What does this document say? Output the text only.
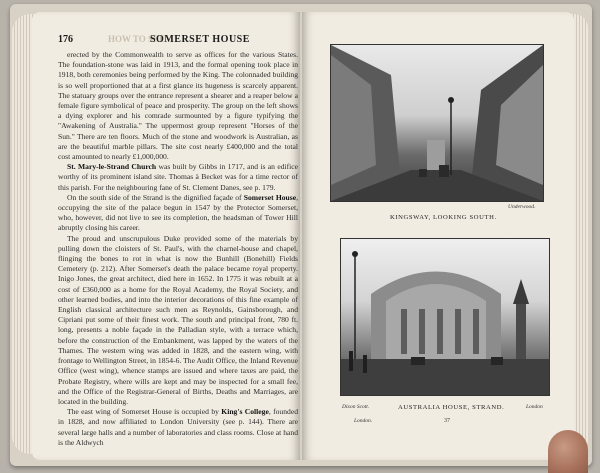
176	HOW TO SEE
SOMERSET HOUSE

erected by the Commonwealth to serve as offices for the various States. The foundation-stone was laid in 1913, and the formal opening took place in 1918, both ceremonies being performed by the King. The colonnaded building is so well proportioned that at a first glance its hugeness is scarcely apparent. The statuary groups over the entrance represent a shearer and a reaper below a female figure symbolical of peace and prosperity. The group on the left shows a dying explorer and his comrade surmounted by a figure typifying the "Awakening of Australia." The uppermost group represent "Horses of the Sun." There are ten floors. Much of the stone and woodwork is Australian, as are the beautiful marble pillars. The site cost nearly £400,000 and the total cost amounted to nearly £1,000,000.

St. Mary-le-Strand Church was built by Gibbs in 1717, and is an edifice worthy of its prominent island site. Thomas à Becket was for a time rector of this parish. For the neighbouring fane of St. Clement Danes, see p. 179.

On the south side of the Strand is the dignified façade of Somerset House, occupying the site of the palace begun in 1547 by the Protector Somerset, who, however, did not live to see its completion, the headsman of Tower Hill abruptly closing his career.

The proud and unscrupulous Duke provided some of the materials by pulling down the cloisters of St. Paul's, with the charnel-house and chapel, flinging the bones to rot in what is now the Bunhill (Bonehill) Fields Cemetery (p. 212). After Somerset's death the palace became royal property. Inigo Jones, the great architect, died here in 1652. In 1775 it was rebuilt at a cost of £360,000 as a home for the Royal Academy, the Royal Society, and other learned bodies, and into the interior decorations of this fine example of English classical architecture such men as Reynolds, Gainsborough, and Cipriani put some of their finest work. The south and principal front, 780 ft. long, presents a noble façade in the Palladian style, with a terrace which, before the construction of the Embankment, was lapped by the waters of the Thames. The western wing was added in 1828, and the eastern wing, with frontage to Wellington Street, in 1854-6. The Audit Office, the Inland Revenue Office (west wing), whence stamps are issued and where taxes are paid, the Probate Registry, where wills are kept and may be inspected for a small fee, and the Office of the Registrar-General of Births, Deaths and Marriages, are located in the building.

The east wing of Somerset House is occupied by King's College, founded in 1828, and now affiliated to London University (see p. 144). There are several large halls and a number of laboratories and class rooms. Close at hand is the Aldwych

Underwood.
KINGSWAY, LOOKING SOUTH.
Dixon Scott.	AUSTRALIA HOUSE, STRAND.	London
London.	37
